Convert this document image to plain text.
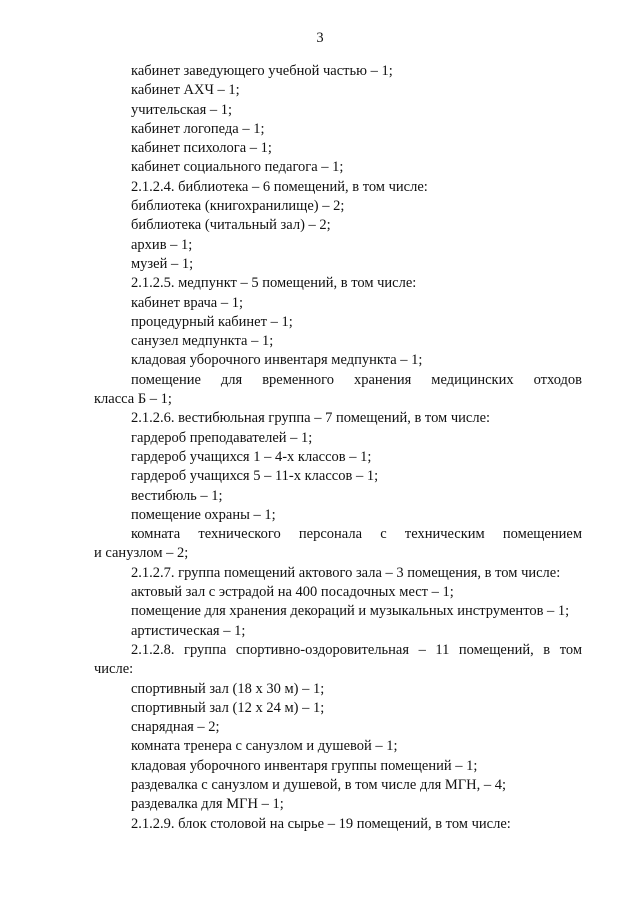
3

кабинет заведующего учебной частью – 1;

кабинет АХЧ – 1;

учительская – 1;

кабинет логопеда – 1;

кабинет психолога – 1;

кабинет социального педагога – 1;

2.1.2.4. библиотека – 6 помещений, в том числе:

библиотека (книгохранилище) – 2;

библиотека (читальный зал) – 2;

архив – 1;

музей – 1;

2.1.2.5. медпункт – 5 помещений, в том числе:

кабинет врача – 1;

процедурный кабинет – 1;

санузел медпункта – 1;

кладовая уборочного инвентаря медпункта – 1;

помещение для временного хранения медицинских отходов

класса Б – 1;

2.1.2.6. вестибюльная группа – 7 помещений, в том числе:

гардероб преподавателей – 1;

гардероб учащихся 1 – 4-х классов – 1;

гардероб учащихся 5 – 11-х классов – 1;

вестибюль – 1;

помещение охраны – 1;

комната технического персонала с техническим помещением

и санузлом – 2;

2.1.2.7. группа помещений актового зала – 3 помещения, в том числе:

актовый зал с эстрадой на 400 посадочных мест – 1;

помещение для хранения декораций и музыкальных инструментов – 1;

артистическая – 1;

2.1.2.8. группа спортивно-оздоровительная – 11 помещений, в том

числе:

спортивный зал (18 х 30 м) – 1;

спортивный зал (12 х 24 м) – 1;

снарядная – 2;

комната тренера с санузлом и душевой – 1;

кладовая уборочного инвентаря группы помещений – 1;

раздевалка с санузлом и душевой, в том числе для МГН, – 4;

раздевалка для МГН – 1;

2.1.2.9. блок столовой на сырье – 19 помещений, в том числе:
